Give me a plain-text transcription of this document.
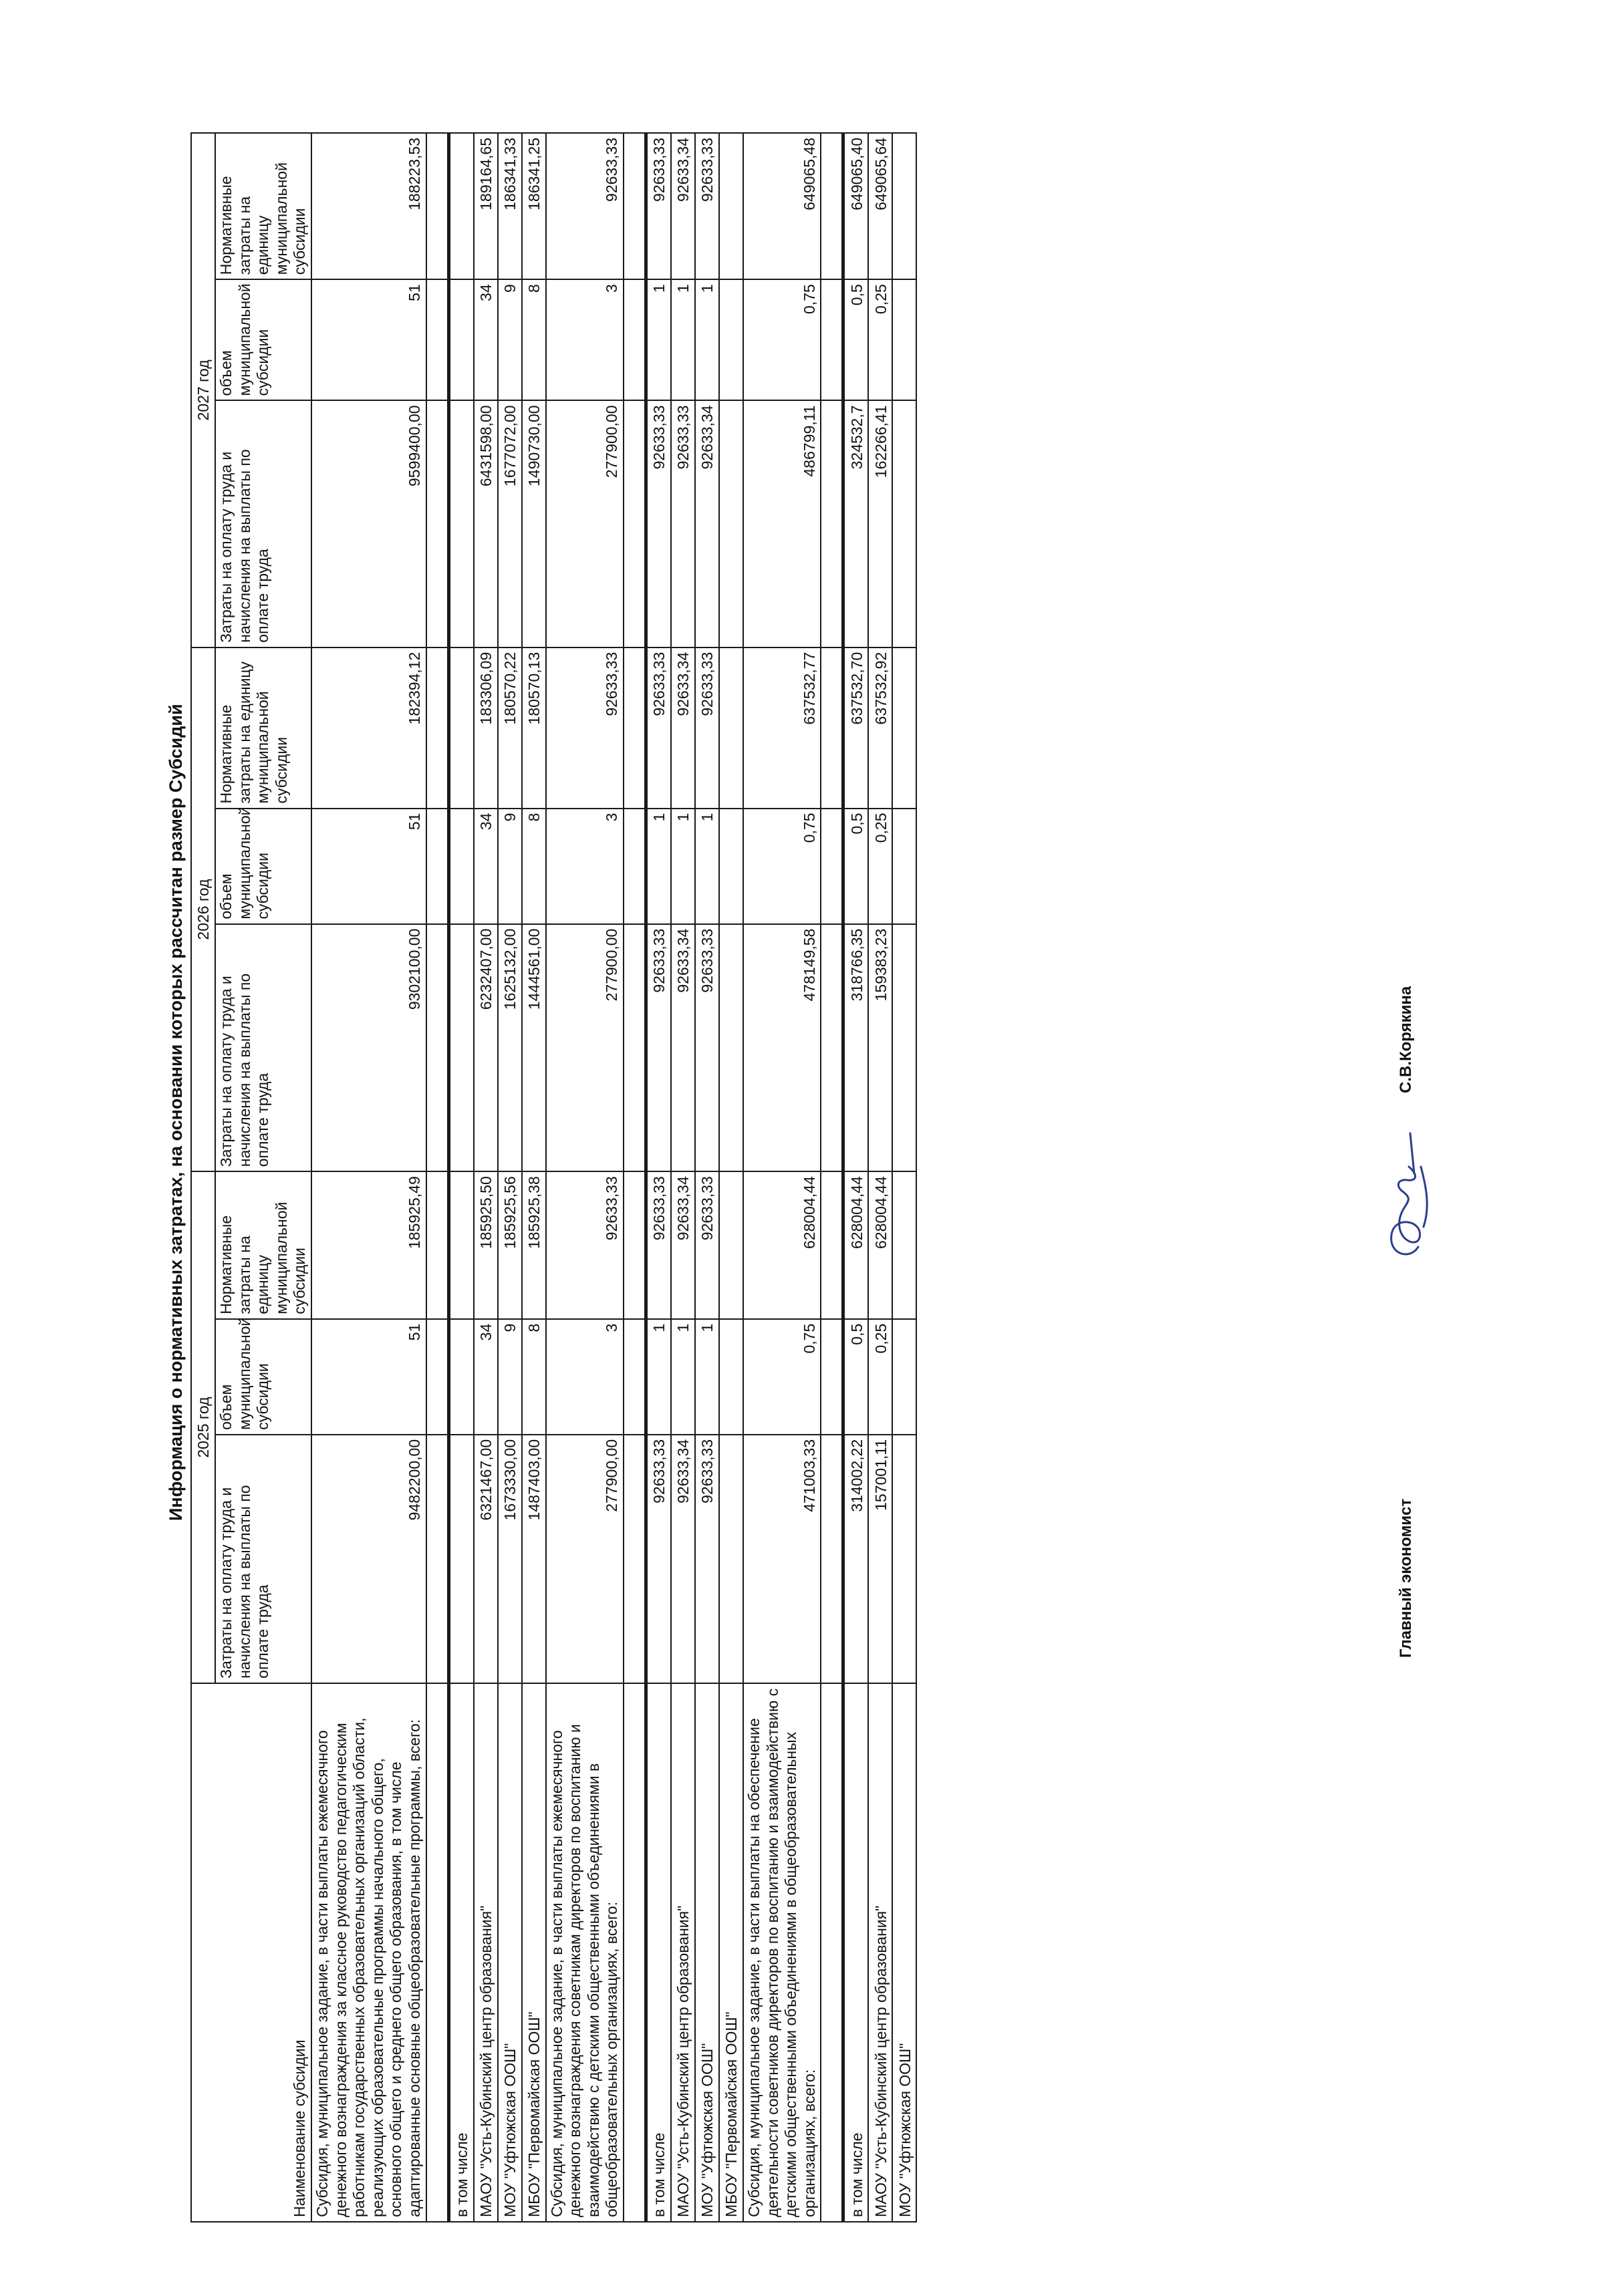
Информация о нормативных затратах, на основании которых рассчитан размер Субсидий
Наименование субсидии	2025 год			2026 год			2027 год		
	Затраты на оплату труда и начисления на выплаты по оплате труда	объем муниципальной субсидии	Нормативные затраты на единицу муниципальной субсидии	Затраты на оплату труда и начисления на выплаты по оплате труда	объем муниципальной субсидии	Нормативные затраты на единицу муниципальной субсидии	Затраты на оплату труда и начисления на выплаты по оплате труда	объем муниципальной субсидии	Нормативные затраты на единицу муниципальной субсидии
Субсидия, муниципальное задание, в части выплаты ежемесячного денежного вознаграждения за классное руководство педагогическим работникам государственных образовательных организаций области, реализующих образовательные программы начального общего, основного общего и среднего общего образования, в том числе адаптированные основные общеобразовательные программы, всего:	9482200,00	51	185925,49	9302100,00	51	182394,12	9599400,00	51	188223,53

в том числе									
МАОУ "Усть-Кубинский центр образования"	6321467,00	34	185925,50	6232407,00	34	183306,09	6431598,00	34	189164,65
МОУ "Уфтюжская ООШ"	1673330,00	9	185925,56	1625132,00	9	180570,22	1677072,00	9	186341,33
МБОУ "Первомайская ООШ"	1487403,00	8	185925,38	1444561,00	8	180570,13	1490730,00	8	186341,25
Субсидия, муниципальное задание, в части выплаты ежемесячного денежного вознаграждения советникам директоров по воспитанию и взаимодействию с детскими общественными объединениями в общеобразовательных организациях, всего:	277900,00	3	92633,33	277900,00	3	92633,33	277900,00	3	92633,33

в том числе	92633,33	1	92633,33	92633,33	1	92633,33	92633,33	1	92633,33
МАОУ "Усть-Кубинский центр образования"	92633,34	1	92633,34	92633,34	1	92633,34	92633,33	1	92633,34
МОУ "Уфтюжская ООШ"	92633,33	1	92633,33	92633,33	1	92633,33	92633,34	1	92633,33
МБОУ "Первомайская ООШ"									
Субсидия, муниципальное задание, в части выплаты на обеспечение деятельности советников директоров по воспитанию и взаимодействию с детскими общественными объединениями в общеобразовательных организациях, всего:	471003,33	0,75	628004,44	478149,58	0,75	637532,77	486799,11	0,75	649065,48

в том числе	314002,22	0,5	628004,44	318766,35	0,5	637532,70	324532,7	0,5	649065,40
МАОУ "Усть-Кубинский центр образования"	157001,11	0,25	628004,44	159383,23	0,25	637532,92	162266,41	0,25	649065,64
МОУ "Уфтюжская ООШ"									
Главный экономист
С.В.Корякина
